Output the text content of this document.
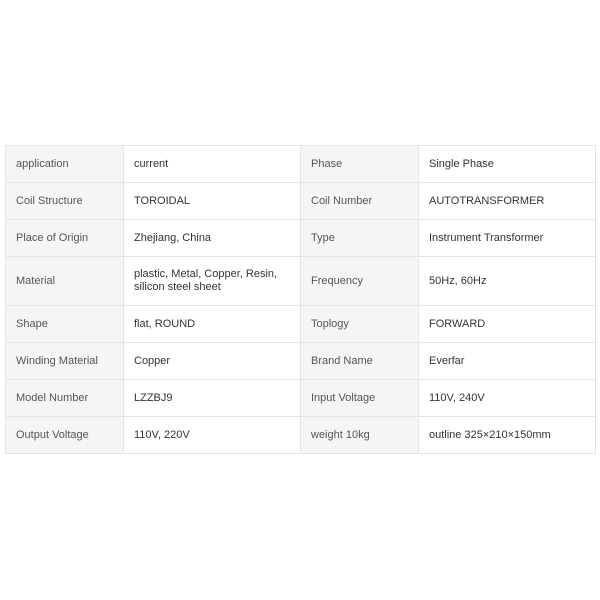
application	current	Phase	Single Phase
Coil Structure	TOROIDAL	Coil Number	AUTOTRANSFORMER
Place of Origin	Zhejiang, China	Type	Instrument Transformer
Material	plastic, Metal, Copper, Resin, silicon steel sheet	Frequency	50Hz, 60Hz
Shape	flat, ROUND	Toplogy	FORWARD
Winding Material	Copper	Brand Name	Everfar
Model Number	LZZBJ9	Input Voltage	110V, 240V
Output Voltage	110V, 220V	weight 10kg	outline 325×210×150mm
